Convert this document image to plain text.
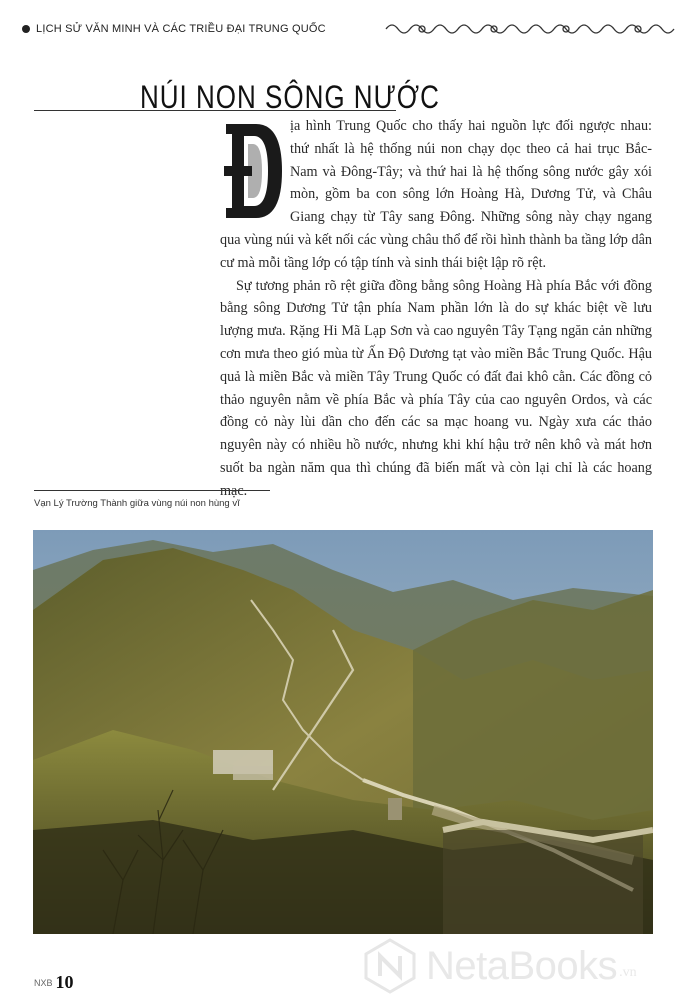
LỊCH SỬ VĂN MINH VÀ CÁC TRIỀU ĐẠI TRUNG QUỐC
NÚI NON SÔNG NƯỚC
Đ

ịa hình Trung Quốc cho thấy hai nguồn lực đối ngược nhau: thứ nhất là hệ thống núi non chạy dọc theo cả hai trục Bắc-Nam và Đông-Tây; và thứ hai là hệ thống sông nước gây xói mòn, gồm ba con sông lớn Hoàng Hà, Dương Tử, và Châu Giang chạy từ Tây sang Đông. Những sông này chạy ngang qua vùng núi và kết nối các vùng châu thổ để rồi hình thành ba tầng lớp dân cư mà mỗi tầng lớp có tập tính và sinh thái biệt lập rõ rệt.

Sự tương phản rõ rệt giữa đồng bằng sông Hoàng Hà phía Bắc với đồng bằng sông Dương Tử tận phía Nam phần lớn là do sự khác biệt về lưu lượng mưa. Rặng Hi Mã Lạp Sơn và cao nguyên Tây Tạng ngăn cản những cơn mưa theo gió mùa từ Ấn Độ Dương tạt vào miền Bắc Trung Quốc. Hậu quả là miền Bắc và miền Tây Trung Quốc có đất đai khô cằn. Các đồng cỏ thảo nguyên nằm về phía Bắc và phía Tây của cao nguyên Ordos, và các đồng cỏ này lùi dần cho đến các sa mạc hoang vu. Ngày xưa các thảo nguyên này có nhiều hồ nước, nhưng khi khí hậu trở nên khô và mát hơn suốt ba ngàn năm qua thì chúng đã biến mất và còn lại chỉ là các hoang mạc.

Vạn Lý Trường Thành giữa vùng núi non hùng vĩ
NXB 10	NetaBooks .vn
